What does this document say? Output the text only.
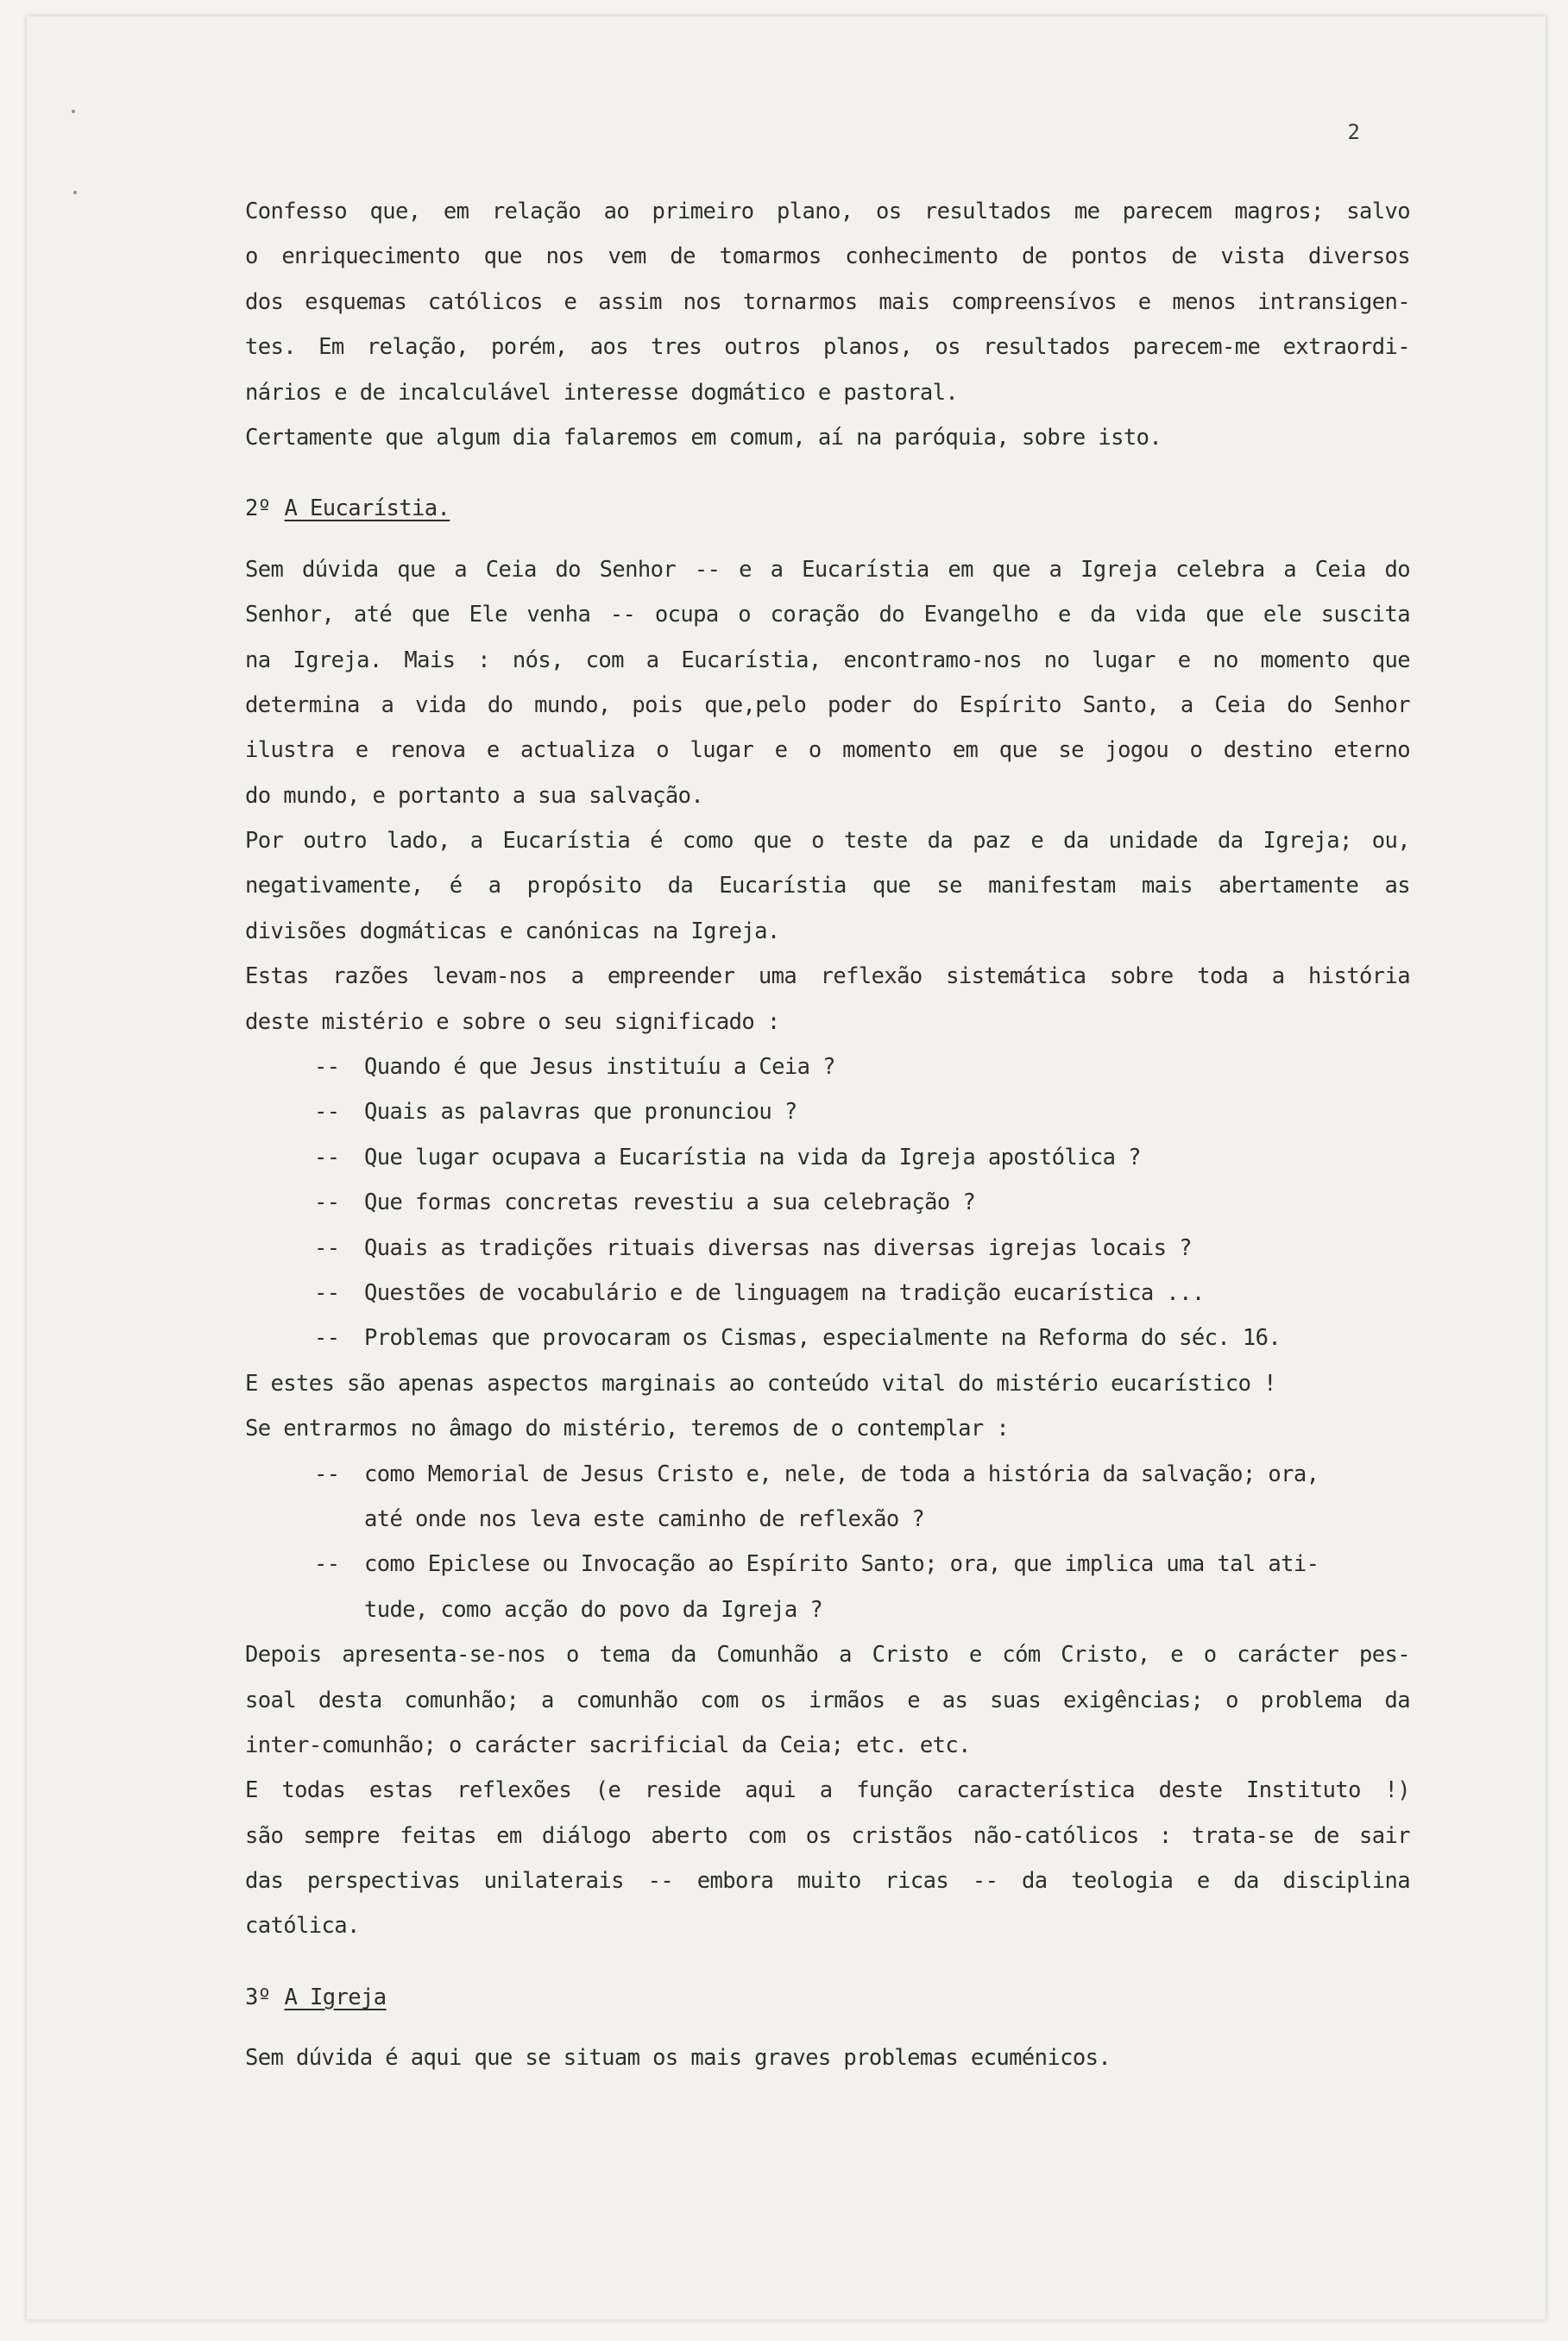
2
Confesso que, em relação ao primeiro plano, os resultados me parecem magros; salvo
o enriquecimento que nos vem de tomarmos conhecimento de pontos de vista diversos
dos esquemas católicos e assim nos tornarmos mais compreensívos e menos intransigen-
tes. Em relação, porém, aos tres outros planos, os resultados parecem-me extraordi-
nários e de incalculável interesse dogmático e pastoral.
Certamente que algum dia falaremos em comum, aí na paróquia, sobre isto.
2º A Eucarístia.
Sem dúvida que a Ceia do Senhor -- e a Eucarístia em que a Igreja celebra a Ceia do
Senhor, até que Ele venha -- ocupa o coração do Evangelho e da vida que ele suscita
na Igreja. Mais : nós, com a Eucarístia, encontramo-nos no lugar e no momento que
determina a vida do mundo, pois que,pelo poder do Espírito Santo, a Ceia do Senhor
ilustra e renova e actualiza o lugar e o momento em que se jogou o destino eterno
do mundo, e portanto a sua salvação.
Por outro lado, a Eucarístia é como que o teste da paz e da unidade da Igreja; ou,
negativamente, é a propósito da Eucarístia que se manifestam mais abertamente as
divisões dogmáticas e canónicas na Igreja.
Estas razões levam-nos a empreender uma reflexão sistemática sobre toda a história
deste mistério e sobre o seu significado :
--	Quando é que Jesus instituíu a Ceia ?
--	Quais as palavras que pronunciou ?
--	Que lugar ocupava a Eucarístia na vida da Igreja apostólica ?
--	Que formas concretas revestiu a sua celebração ?
--	Quais as tradições rituais diversas nas diversas igrejas locais ?
--	Questões de vocabulário e de linguagem na tradição eucarística ...
--	Problemas que provocaram os Cismas, especialmente na Reforma do séc. 16.
E estes são apenas aspectos marginais ao conteúdo vital do mistério eucarístico !
Se entrarmos no âmago do mistério, teremos de o contemplar :
--	como Memorial de Jesus Cristo e, nele, de toda a história da salvação; ora,
até onde nos leva este caminho de reflexão ?
--	como Epiclese ou Invocação ao Espírito Santo; ora, que implica uma tal ati-
tude, como acção do povo da Igreja ?
Depois apresenta-se-nos o tema da Comunhão a Cristo e cóm Cristo, e o carácter pes-
soal desta comunhão; a comunhão com os irmãos e as suas exigências; o problema da
inter-comunhão; o carácter sacrificial da Ceia; etc. etc.
E todas estas reflexões (e reside aqui a função característica deste Instituto !)
são sempre feitas em diálogo aberto com os cristãos não-católicos : trata-se de sair
das perspectivas unilaterais -- embora muito ricas -- da teologia e da disciplina
católica.
3º A Igreja
Sem dúvida é aqui que se situam os mais graves problemas ecuménicos.
